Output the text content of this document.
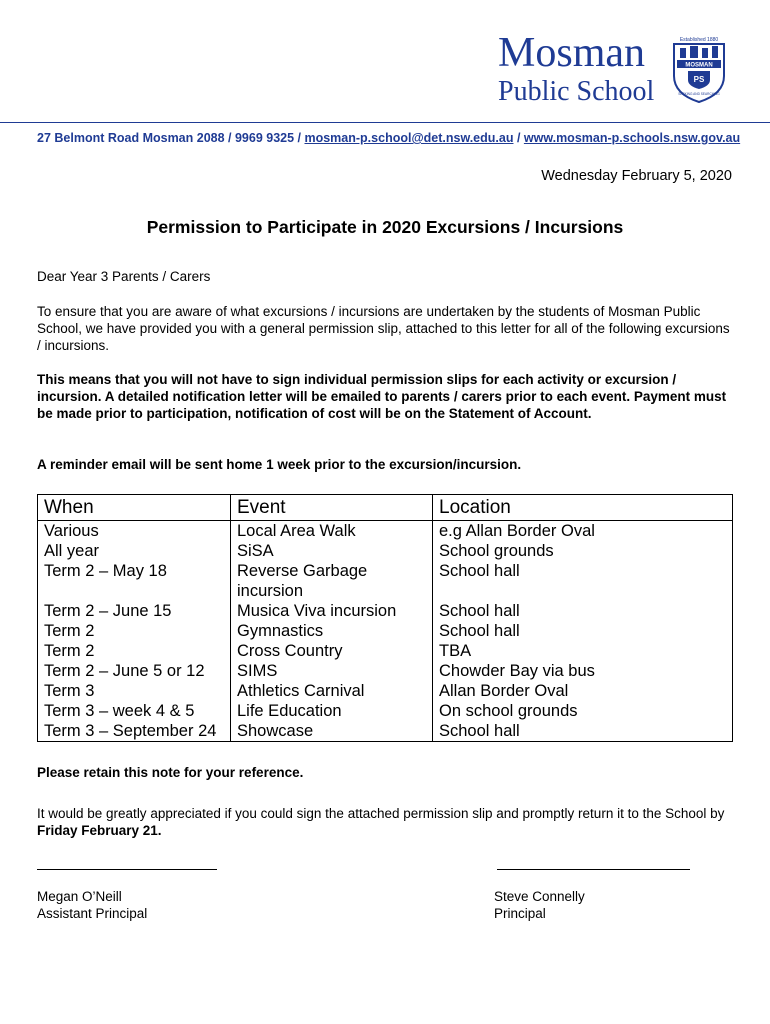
Mosman
Public School
Established 1880
MOSMAN
PS
SEEKING AND SEARCHING
27 Belmont Road Mosman 2088 / 9969 9325 / mosman-p.school@det.nsw.edu.au / www.mosman-p.schools.nsw.gov.au
Wednesday February 5, 2020
Permission to Participate in 2020 Excursions / Incursions
Dear Year 3 Parents / Carers
To ensure that you are aware of what excursions / incursions are undertaken by the students of Mosman Public School, we have provided you with a general permission slip, attached to this letter for all of the following excursions / incursions.
This means that you will not have to sign individual permission slips for each activity or excursion / incursion. A detailed notification letter will be emailed to parents / carers prior to each event. Payment must be made prior to participation, notification of cost will be on the Statement of Account.
A reminder email will be sent home 1 week prior to the excursion/incursion.
When	Event	Location
Various	Local Area Walk	e.g Allan Border Oval
All year	SiSA	School grounds
Term 2 – May 18	Reverse Garbage incursion	School hall
Term 2 – June 15	Musica Viva incursion	School hall
Term 2	Gymnastics	School hall
Term 2	Cross Country	TBA
Term 2 – June 5 or 12	SIMS	Chowder Bay via bus
Term 3	Athletics Carnival	Allan Border Oval
Term 3 – week 4 & 5	Life Education	On school grounds
Term 3 – September 24	Showcase	School hall
Please retain this note for your reference.
It would be greatly appreciated if you could sign the attached permission slip and promptly return it to the School by Friday February 21.
Megan O’Neill
Assistant Principal
Steve Connelly
Principal
